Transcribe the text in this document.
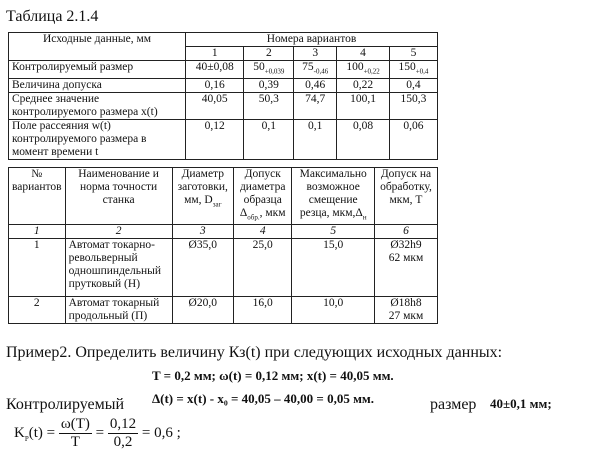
Таблица 2.1.4
Исходные данные, мм	Номера вариантов				
	1	2	3	4	5
Контролируемый размер	40±0,08	$50_{+0,039}$	$75_{-0,46}$	$100_{+0,22}$	$150_{+0,4}$
Величина допуска	0,16	0,39	0,46	0,22	0,4
Среднее значение контролируемого размера x(t)	40,05	50,3	74,7	100,1	150,3
Поле рассеяния w(t) контролируемого размера в момент времени t	0,12	0,1	0,1	0,08	0,06
№ вариантов	Наименование и норма точности станка	Диаметр заготовки, мм, $D_{заг}$	Допуск диаметра образца $\Delta_{обр.}$, мкм	Максимально возможное смещение резца, $мкм,\Delta_н$	Допуск на обработку, мкм, Т
1	2	3	4	5	6
1	Автомат токарно-револьверный одношпиндельный прутковый (Н)	Ø35,0	25,0	15,0	Ø32h9
62 мкм
2	Автомат токарный продольный (П)	Ø20,0	16,0	10,0	Ø18h8
27 мкм
Пример2. Определить величину Кз(t) при следующих исходных данных:
T = 0,2 мм; ω(t) = 0,12 мм; x(t) = 40,05 мм.
Контролируемый Δ(t) = x(t) - x₀ = 40,05 – 40,00 = 0,05 мм.	размер 40±0,1 мм;
$K_P(t) = \frac{\omega(T)}{T} = \frac{0,12}{0,2} = 0,6$ ;
